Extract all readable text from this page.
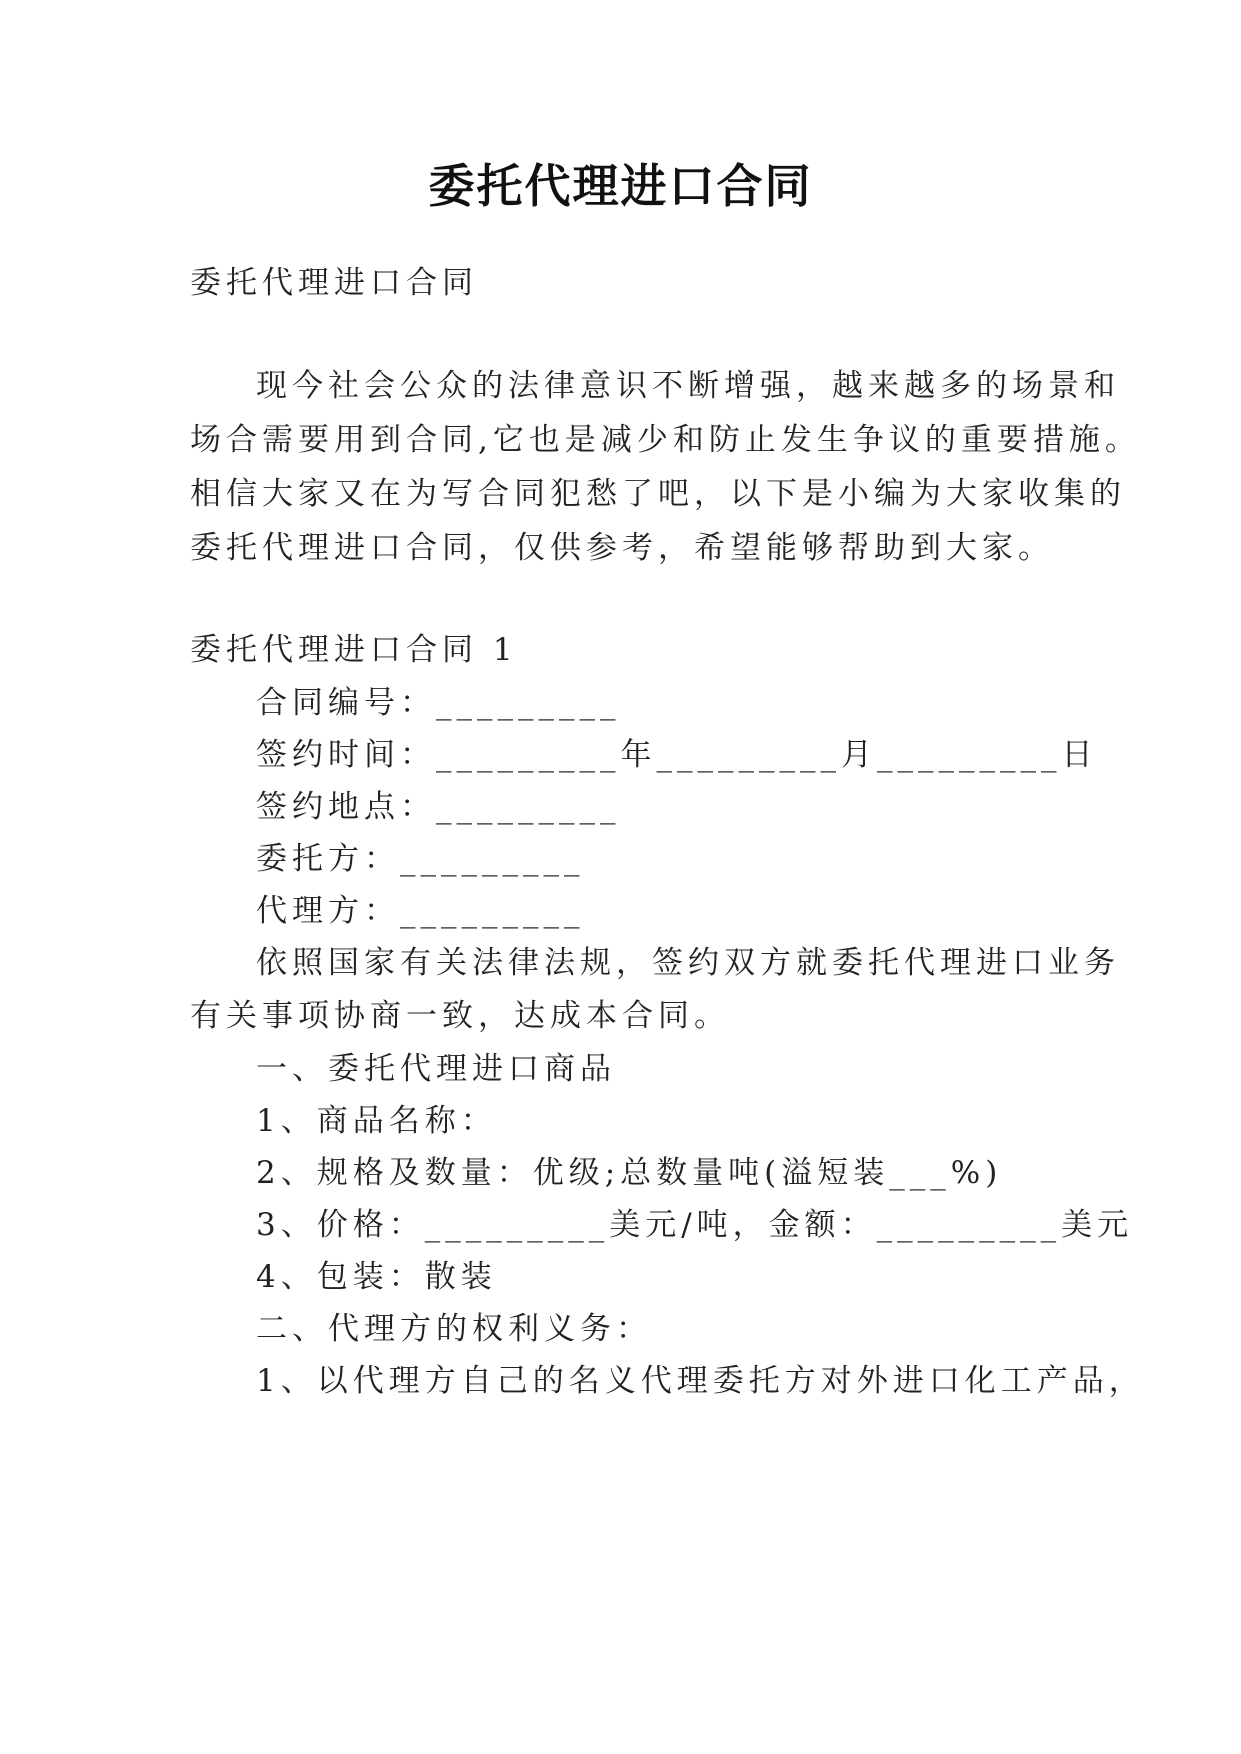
委托代理进口合同
委托代理进口合同
现今社会公众的法律意识不断增强，越来越多的场景和
场合需要用到合同,它也是减少和防止发生争议的重要措施。
相信大家又在为写合同犯愁了吧，以下是小编为大家收集的
委托代理进口合同，仅供参考，希望能够帮助到大家。
委托代理进口合同 1
合同编号：_________
签约时间：_________年_________月_________日
签约地点：_________
委托方：_________
代理方：_________
依照国家有关法律法规，签约双方就委托代理进口业务
有关事项协商一致，达成本合同。
一、委托代理进口商品
1、商品名称：
2、规格及数量：优级;总数量吨(溢短装___%)
3、价格：_________美元/吨，金额：_________美元
4、包装：散装
二、代理方的权利义务：
1、以代理方自己的名义代理委托方对外进口化工产品，
